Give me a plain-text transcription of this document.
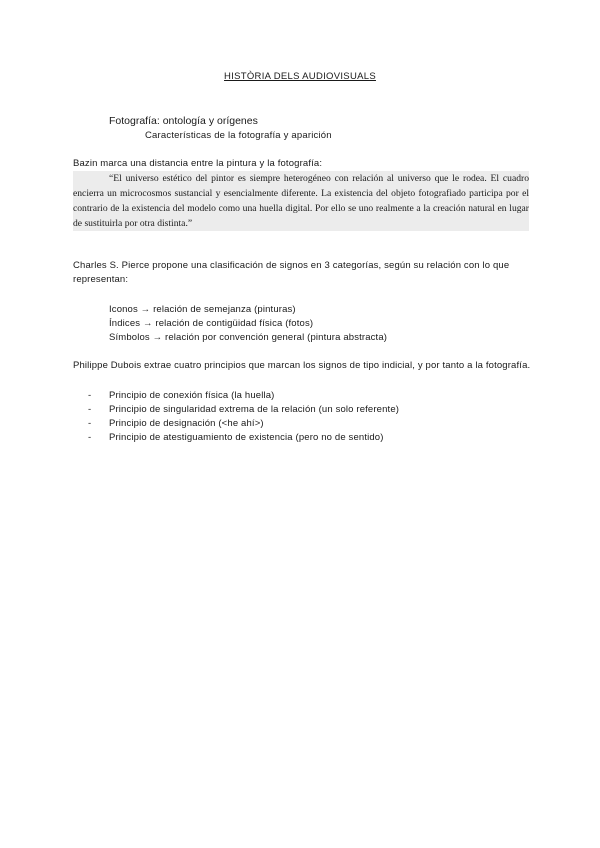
HISTÒRIA DELS AUDIOVISUALS
Fotografía: ontología y orígenes
Características de la fotografía y aparición
Bazin marca una distancia entre la pintura y la fotografía:
“El universo estético del pintor es siempre heterogéneo con relación al universo que le rodea. El cuadro encierra un microcosmos sustancial y esencialmente diferente. La existencia del objeto fotografiado participa por el contrario de la existencia del modelo como una huella digital. Por ello se uno realmente a la creación natural en lugar de sustituirla por otra distinta.”
Charles S. Pierce propone una clasificación de signos en 3 categorías, según su relación con lo que representan:
Iconos → relación de semejanza (pinturas)
Índices → relación de contigüidad física (fotos)
Símbolos → relación por convención general (pintura abstracta)
Philippe Dubois extrae cuatro principios que marcan los signos de tipo indicial, y por tanto a la fotografía.
-	Principio de conexión física (la huella)
-	Principio de singularidad extrema de la relación (un solo referente)
-	Principio de designación (<he ahí>)
-	Principio de atestiguamiento de existencia (pero no de sentido)
